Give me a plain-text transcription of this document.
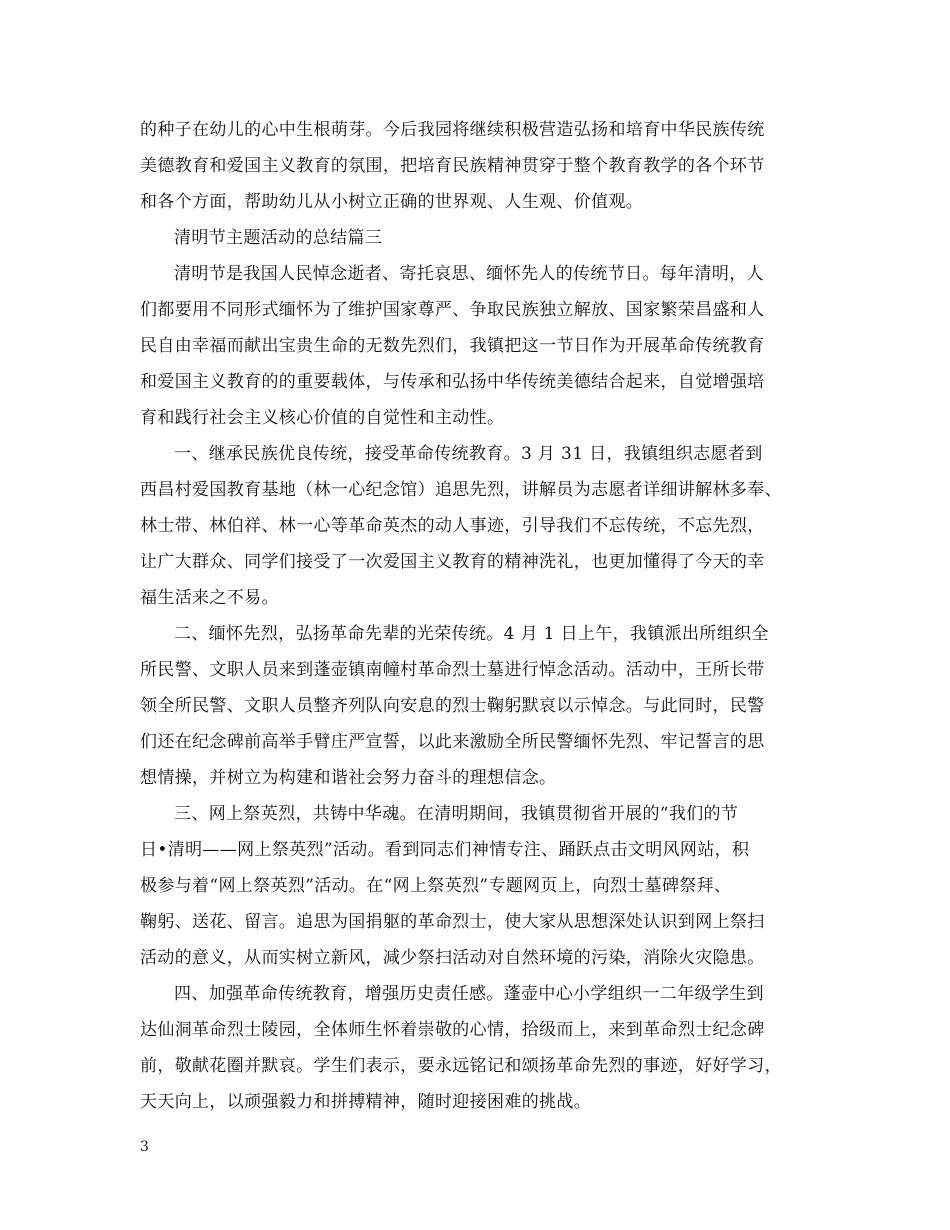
的种子在幼儿的心中生根萌芽。今后我园将继续积极营造弘扬和培育中华民族传统
美德教育和爱国主义教育的氛围，把培育民族精神贯穿于整个教育教学的各个环节
和各个方面，帮助幼儿从小树立正确的世界观、人生观、价值观。
清明节主题活动的总结篇三
清明节是我国人民悼念逝者、寄托哀思、缅怀先人的传统节日。每年清明，人
们都要用不同形式缅怀为了维护国家尊严、争取民族独立解放、国家繁荣昌盛和人
民自由幸福而献出宝贵生命的无数先烈们，我镇把这一节日作为开展革命传统教育
和爱国主义教育的的重要载体，与传承和弘扬中华传统美德结合起来，自觉增强培
育和践行社会主义核心价值的自觉性和主动性。
一、继承民族优良传统，接受革命传统教育。3 月 31 日，我镇组织志愿者到
西昌村爱国教育基地（林一心纪念馆）追思先烈，讲解员为志愿者详细讲解林多奉、
林士带、林伯祥、林一心等革命英杰的动人事迹，引导我们不忘传统，不忘先烈，
让广大群众、同学们接受了一次爱国主义教育的精神洗礼，也更加懂得了今天的幸
福生活来之不易。
二、缅怀先烈，弘扬革命先辈的光荣传统。4 月 1 日上午，我镇派出所组织全
所民警、文职人员来到蓬壶镇南幢村革命烈士墓进行悼念活动。活动中，王所长带
领全所民警、文职人员整齐列队向安息的烈士鞠躬默哀以示悼念。与此同时，民警
们还在纪念碑前高举手臂庄严宣誓，以此来激励全所民警缅怀先烈、牢记誓言的思
想情操，并树立为构建和谐社会努力奋斗的理想信念。
三、网上祭英烈，共铸中华魂。在清明期间，我镇贯彻省开展的“我们的节
日•清明——网上祭英烈”活动。看到同志们神情专注、踊跃点击文明风网站，积
极参与着“网上祭英烈”活动。在“网上祭英烈”专题网页上，向烈士墓碑祭拜、
鞠躬、送花、留言。追思为国捐躯的革命烈士，使大家从思想深处认识到网上祭扫
活动的意义，从而实树立新风，减少祭扫活动对自然环境的污染，消除火灾隐患。
四、加强革命传统教育，增强历史责任感。蓬壶中心小学组织一二年级学生到
达仙洞革命烈士陵园，全体师生怀着崇敬的心情，拾级而上，来到革命烈士纪念碑
前，敬献花圈并默哀。学生们表示，要永远铭记和颂扬革命先烈的事迹，好好学习，
天天向上，以顽强毅力和拼搏精神，随时迎接困难的挑战。
3
